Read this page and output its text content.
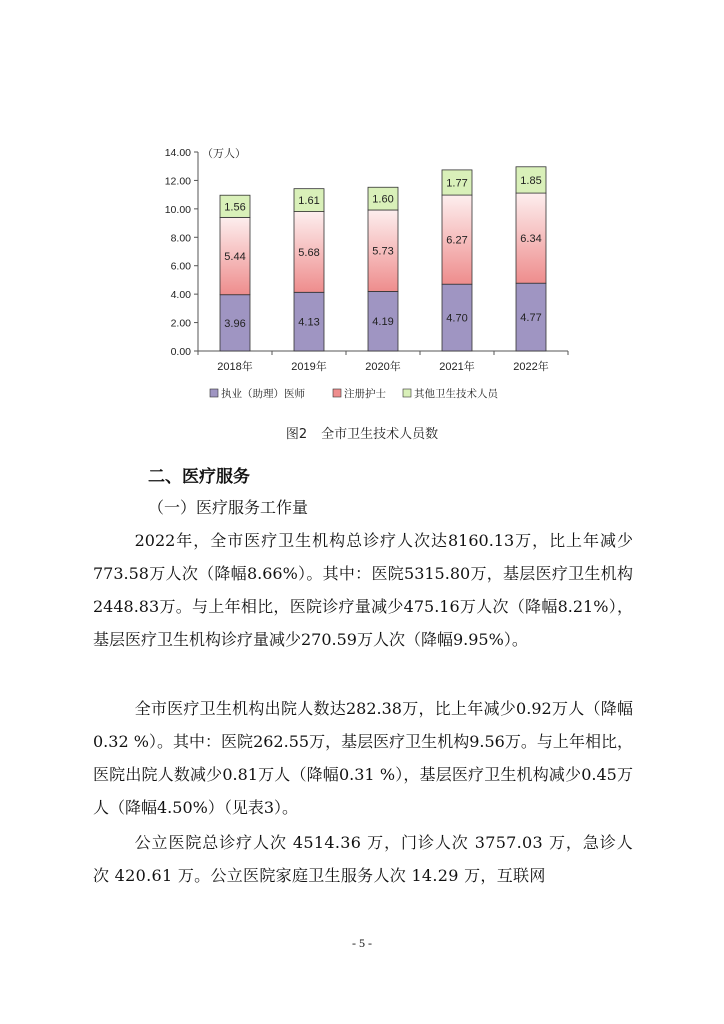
0.00
2.00
4.00
6.00
8.00
10.00
12.00
14.00
3.96
5.44
1.56
2018年
4.13
5.68
1.61
2019年
4.19
5.73
1.60
2020年
4.70
6.27
1.77
2021年
4.77
6.34
1.85
2022年
（万人）
执业（助理）医师	注册护士	其他卫生技术人员
图2 全市卫生技术人员数
二、医疗服务
（一）医疗服务工作量

2022年，全市医疗卫生机构总诊疗人次达8160.13万，比上年减少773.58万人次（降幅8.66%）。其中：医院5315.80万，基层医疗卫生机构2448.83万。与上年相比，医院诊疗量减少475.16万人次（降幅8.21%），基层医疗卫生机构诊疗量减少270.59万人次（降幅9.95%）。

全市医疗卫生机构出院人数达282.38万，比上年减少0.92万人（降幅0.32 %）。其中：医院262.55万，基层医疗卫生机构9.56万。与上年相比，医院出院人数减少0.81万人（降幅0.31 %），基层医疗卫生机构减少0.45万人（降幅4.50%）（见表3）。

公立医院总诊疗人次 4514.36 万，门诊人次 3757.03 万，急诊人次 420.61 万。公立医院家庭卫生服务人次 14.29 万，互联网

- 5 -
